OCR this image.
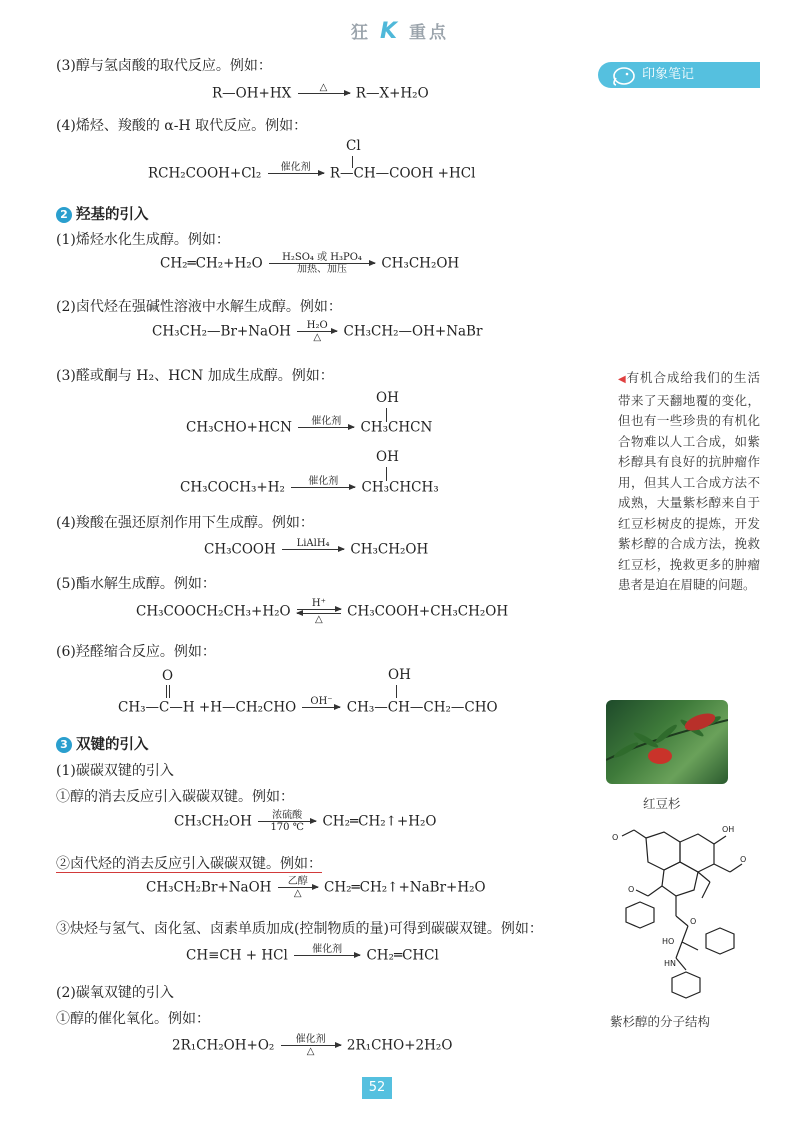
狂 K 重点
印象笔记
(3)醇与氢卤酸的取代反应。例如：
R—OH+HX	△
	R—X+H₂O
(4)烯烃、羧酸的 α-H 取代反应。例如：
Cl
RCH₂COOH+Cl₂	催化剂
	R—CH—COOH +HCl
2 羟基的引入
(1)烯烃水化生成醇。例如：
CH₂═CH₂+H₂O	H₂SO₄ 或 H₃PO₄
加热、加压	CH₃CH₂OH
(2)卤代烃在强碱性溶液中水解生成醇。例如：
CH₃CH₂—Br+NaOH	H₂O
△	CH₃CH₂—OH+NaBr
(3)醛或酮与 H₂、HCN 加成生成醇。例如：
OH
CH₃CHO+HCN	催化剂
	CH₃CHCN
OH
CH₃COCH₃+H₂	催化剂
	CH₃CHCH₃
(4)羧酸在强还原剂作用下生成醇。例如：
CH₃COOH	LiAlH₄
	CH₃CH₂OH
(5)酯水解生成醇。例如：
CH₃COOCH₂CH₃+H₂O	H⁺
△	CH₃COOH+CH₃CH₂OH
(6)羟醛缩合反应。例如：
O	OH
CH₃—C—H +H—CH₂CHO	OH⁻
	CH₃—CH—CH₂—CHO
3 双键的引入
(1)碳碳双键的引入
①醇的消去反应引入碳碳双键。例如：
CH₃CH₂OH	浓硫酸
170 ℃	CH₂═CH₂↑+H₂O
②卤代烃的消去反应引入碳碳双键。例如：
CH₃CH₂Br+NaOH	乙醇
△	CH₂═CH₂↑+NaBr+H₂O
③炔烃与氢气、卤化氢、卤素单质加成(控制物质的量)可得到碳碳双键。例如：
CH≡CH + HCl	催化剂
	CH₂═CHCl
(2)碳氧双键的引入
①醇的催化氧化。例如：
2R₁CH₂OH+O₂	催化剂
△	2R₁CHO+2H₂O
◀有机合成给我们的生活带来了天翻地覆的变化，但也有一些珍贵的有机化合物难以人工合成，如紫杉醇具有良好的抗肿瘤作用，但其人工合成方法不成熟，大量紫杉醇来自于红豆杉树皮的提炼，开发紫杉醇的合成方法，挽救红豆杉，挽救更多的肿瘤患者是迫在眉睫的问题。
红豆杉
O
OH
O
O
O
HO
HN
紫杉醇的分子结构
52
